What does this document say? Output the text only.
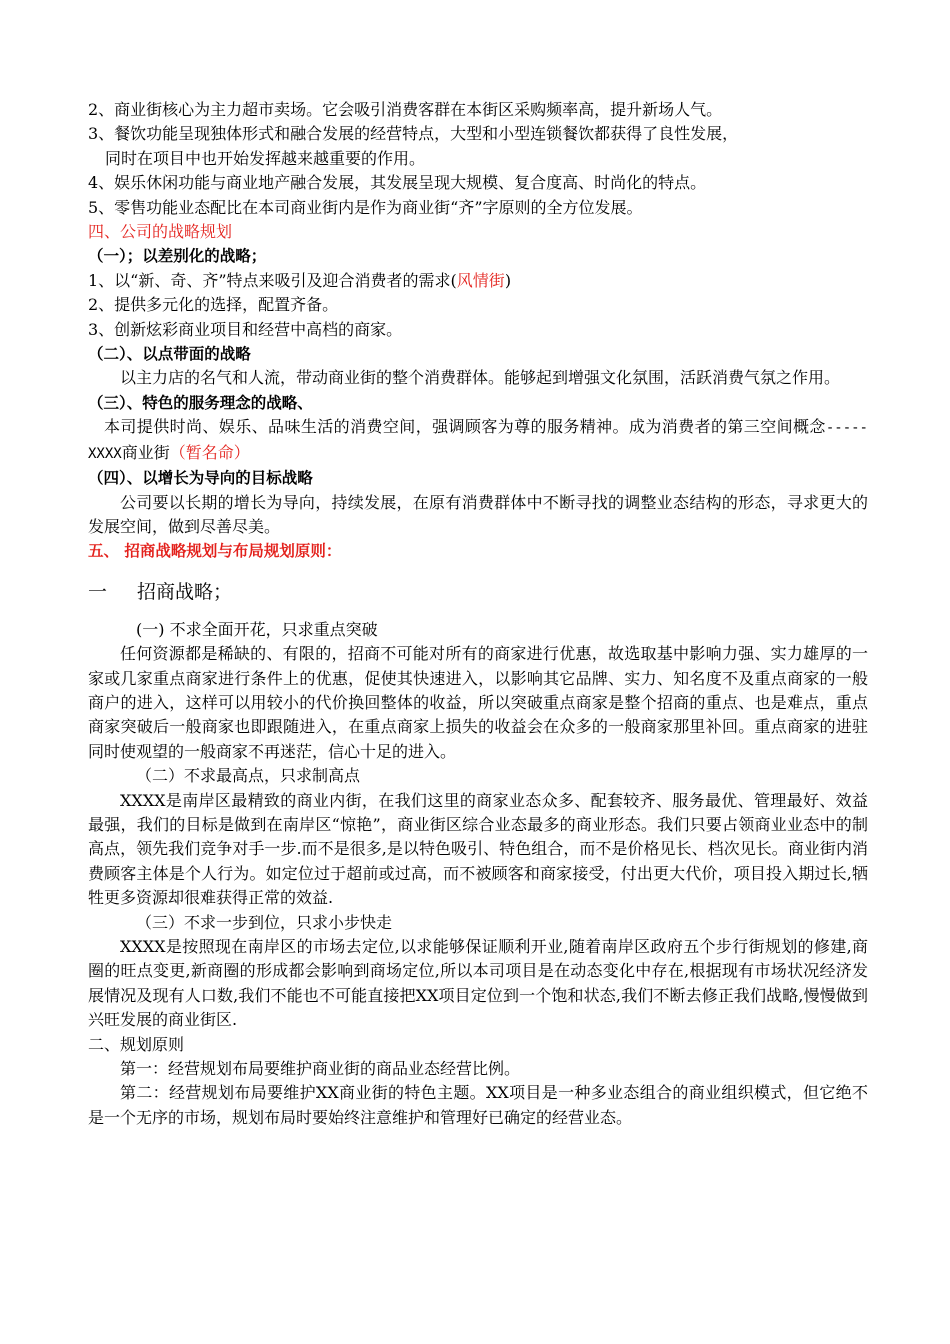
2、商业街核心为主力超市卖场。它会吸引消费客群在本街区采购频率高，提升新场人气。
3、餐饮功能呈现独体形式和融合发展的经营特点，大型和小型连锁餐饮都获得了良性发展，
同时在项目中也开始发挥越来越重要的作用。
4、娱乐休闲功能与商业地产融合发展，其发展呈现大规模、复合度高、时尚化的特点。
5、零售功能业态配比在本司商业街内是作为商业街“齐”字原则的全方位发展。
四、公司的战略规划
（一）；以差别化的战略；
1、以“新、奇、齐”特点来吸引及迎合消费者的需求(风情街)
2、提供多元化的选择，配置齐备。
3、创新炫彩商业项目和经营中高档的商家。
（二）、以点带面的战略

以主力店的名气和人流，带动商业街的整个消费群体。能够起到增强文化氛围，活跃消费气氛之作用。

（三）、特色的服务理念的战略、

本司提供时尚、娱乐、品味生活的消费空间，强调顾客为尊的服务精神。成为消费者的第三空间概念-----XXXX商业街（暂名命）

（四）、以增长为导向的目标战略

公司要以长期的增长为导向，持续发展，在原有消费群体中不断寻找的调整业态结构的形态，寻求更大的发展空间，做到尽善尽美。

五、 招商战略规划与布局规划原则：
一 招商战略；
(一) 不求全面开花，只求重点突破

任何资源都是稀缺的、有限的，招商不可能对所有的商家进行优惠，故选取基中影响力强、实力雄厚的一家或几家重点商家进行条件上的优惠，促使其快速进入，以影响其它品牌、实力、知名度不及重点商家的一般商户的进入，这样可以用较小的代价换回整体的收益，所以突破重点商家是整个招商的重点、也是难点，重点商家突破后一般商家也即跟随进入，在重点商家上损失的收益会在众多的一般商家那里补回。重点商家的进驻同时使观望的一般商家不再迷茫，信心十足的进入。

（二）不求最高点，只求制高点

XXXX是南岸区最精致的商业内街，在我们这里的商家业态众多、配套较齐、服务最优、管理最好、效益最强，我们的目标是做到在南岸区“惊艳”，商业街区综合业态最多的商业形态。我们只要占领商业业态中的制高点，领先我们竞争对手一步.而不是很多,是以特色吸引、特色组合，而不是价格见长、档次见长。商业街内消费顾客主体是个人行为。如定位过于超前或过高，而不被顾客和商家接受，付出更大代价，项目投入期过长,牺牲更多资源却很难获得正常的效益.

（三）不求一步到位，只求小步快走

XXXX是按照现在南岸区的市场去定位,以求能够保证顺利开业,随着南岸区政府五个步行街规划的修建,商圈的旺点变更,新商圈的形成都会影响到商场定位,所以本司项目是在动态变化中存在,根据现有市场状况经济发展情况及现有人口数,我们不能也不可能直接把XX项目定位到一个饱和状态,我们不断去修正我们战略,慢慢做到兴旺发展的商业街区.

二、规划原则

第一：经营规划布局要维护商业街的商品业态经营比例。

第二：经营规划布局要维护XX商业街的特色主题。XX项目是一种多业态组合的商业组织模式，但它绝不是一个无序的市场，规划布局时要始终注意维护和管理好已确定的经营业态。
